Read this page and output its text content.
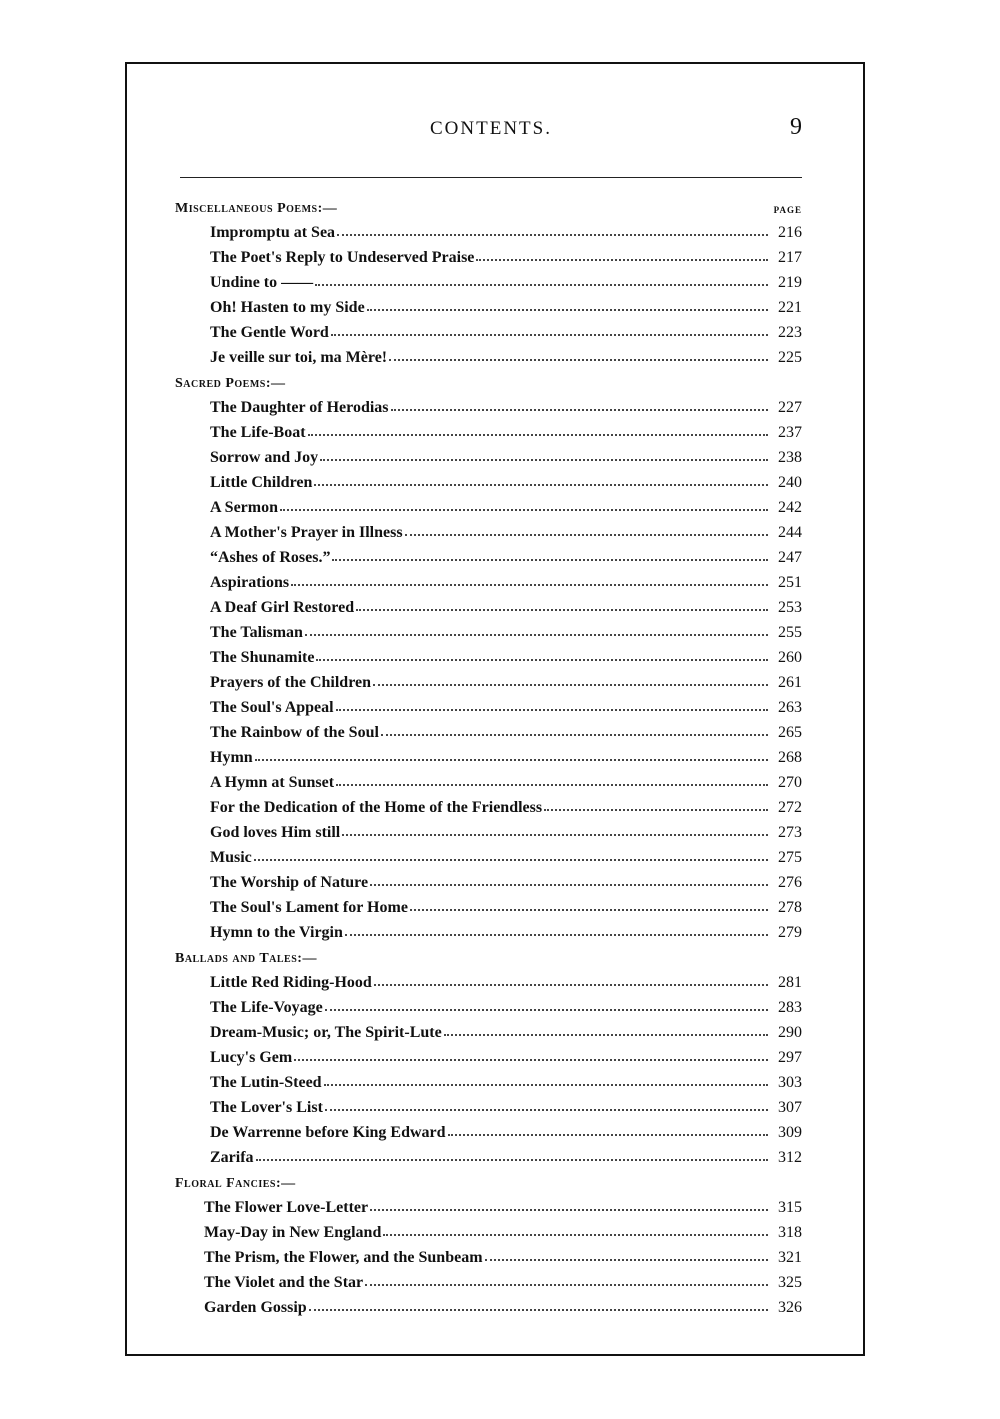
CONTENTS.	9
Miscellaneous Poems:—	PAGE
Impromptu at Sea	216
The Poet's Reply to Undeserved Praise	217
Undine to ——	219
Oh! Hasten to my Side	221
The Gentle Word	223
Je veille sur toi, ma Mère!	225
Sacred Poems:—
The Daughter of Herodias	227
The Life-Boat	237
Sorrow and Joy	238
Little Children	240
A Sermon	242
A Mother's Prayer in Illness	244
“Ashes of Roses.”	247
Aspirations	251
A Deaf Girl Restored	253
The Talisman	255
The Shunamite	260
Prayers of the Children	261
The Soul's Appeal	263
The Rainbow of the Soul	265
Hymn	268
A Hymn at Sunset	270
For the Dedication of the Home of the Friendless	272
God loves Him still	273
Music	275
The Worship of Nature	276
The Soul's Lament for Home	278
Hymn to the Virgin	279
Ballads and Tales:—
Little Red Riding-Hood	281
The Life-Voyage	283
Dream-Music; or, The Spirit-Lute	290
Lucy's Gem	297
The Lutin-Steed	303
The Lover's List	307
De Warrenne before King Edward	309
Zarifa	312
Floral Fancies:—
The Flower Love-Letter	315
May-Day in New England	318
The Prism, the Flower, and the Sunbeam	321
The Violet and the Star	325
Garden Gossip	326
